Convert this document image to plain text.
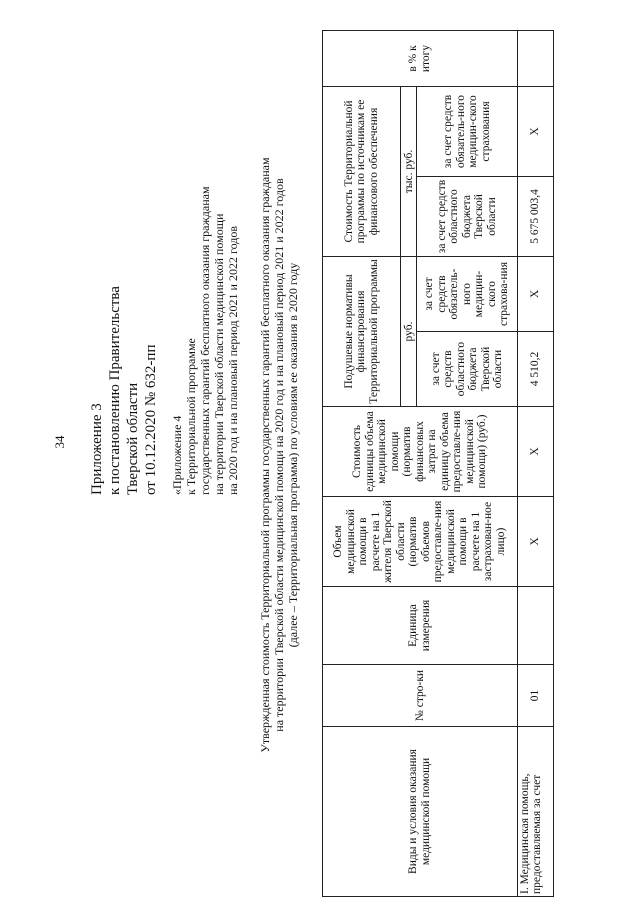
34 Приложение 3 к постановлению Правительства Тверской области от 10.12.2020 № 632-пп «Приложение 4 к Территориальной программе государственных гарантий бесплатного оказания гражданам на территории Тверской области медицинской помощи на 2020 год и на плановый период 2021 и 2022 годов Утвержденная стоимость Территориальной программы государственных гарантий бесплатного оказания гражданам на территории Тверской области медицинской помощи на 2020 год и на плановый период 2021 и 2022 годов (далее – Территориальная программа) по условиям ее оказания в 2020 году
Виды и условия оказания медицинской помощи	№ стро-ки	Единица измерения	Объем медицинской помощи в расчете на 1 жителя Тверской области (норматив объемов предоставле-ния медицинской помощи в расчете на 1 застрахован-ное лицо)	Стоимость единицы объема медицинской помощи (норматив финансовых затрат на единицу объема предоставле-ния медицинской помощи) (руб.)	Подушевые нормативы финансирования Территориальной программы		Стоимость Территориальной программы по источникам ее финансового обеспечения		в % к итогу
					руб.		тыс. руб.		
					за счет средств областного бюджета Тверской области	за счет средств обязатель-ного медицин-ского страхова-ния	за счет средств областного бюджета Тверской области	за счет средств обязатель-ного медицин-ского страхования	
I. Медицинская помощь, предоставляемая за счет	01		X	X	4 510,2	X	5 675 003,4	X	
